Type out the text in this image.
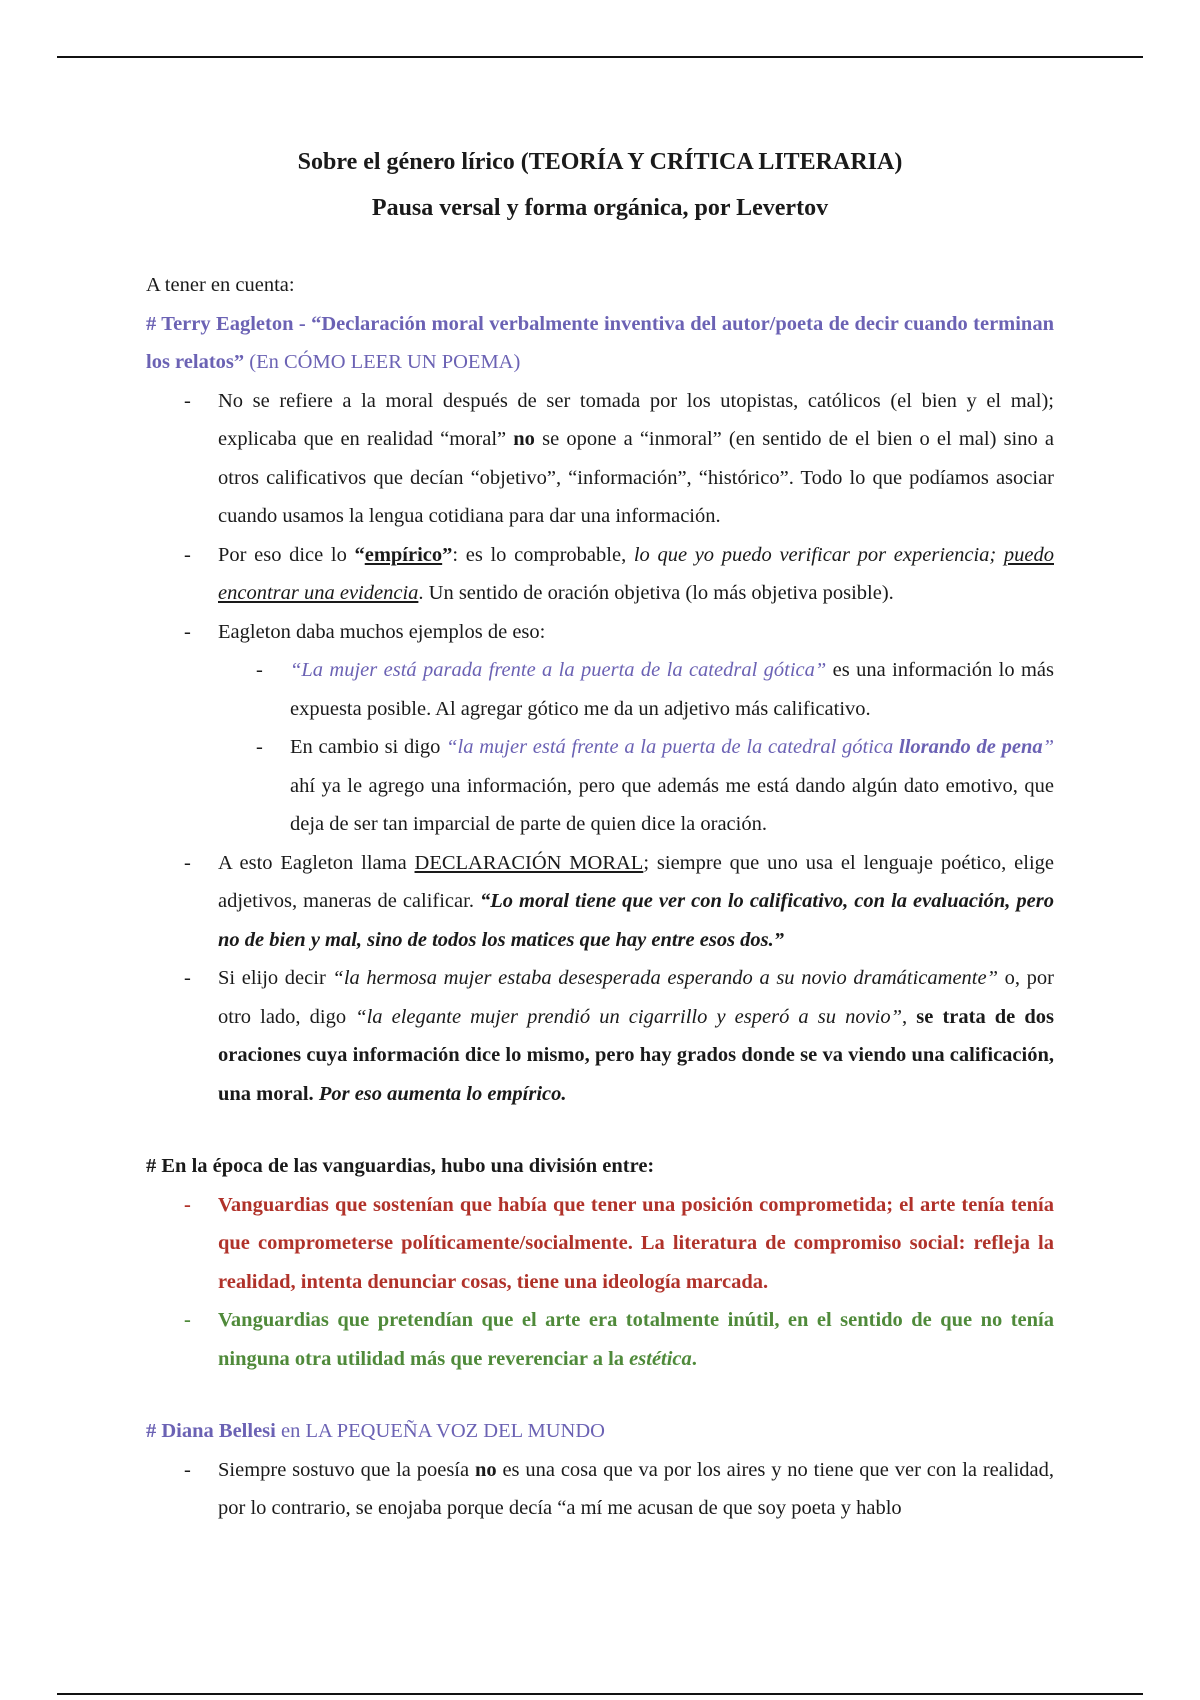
Sobre el género lírico (TEORÍA Y CRÍTICA LITERARIA)
Pausa versal y forma orgánica, por Levertov

A tener en cuenta:

# Terry Eagleton - “Declaración moral verbalmente inventiva del autor/poeta de decir cuando terminan los relatos” (En CÓMO LEER UN POEMA)

- No se refiere a la moral después de ser tomada por los utopistas, católicos (el bien y el mal); explicaba que en realidad “moral” no se opone a “inmoral” (en sentido de el bien o el mal) sino a otros calificativos que decían “objetivo”, “información”, “histórico”. Todo lo que podíamos asociar cuando usamos la lengua cotidiana para dar una información.
- Por eso dice lo “empírico”: es lo comprobable, lo que yo puedo verificar por experiencia; puedo encontrar una evidencia. Un sentido de oración objetiva (lo más objetiva posible).
- Eagleton daba muchos ejemplos de eso:
- “La mujer está parada frente a la puerta de la catedral gótica” es una información lo más expuesta posible. Al agregar gótico me da un adjetivo más calificativo.
- En cambio si digo “la mujer está frente a la puerta de la catedral gótica llorando de pena” ahí ya le agrego una información, pero que además me está dando algún dato emotivo, que deja de ser tan imparcial de parte de quien dice la oración.
- A esto Eagleton llama DECLARACIÓN MORAL; siempre que uno usa el lenguaje poético, elige adjetivos, maneras de calificar. “Lo moral tiene que ver con lo calificativo, con la evaluación, pero no de bien y mal, sino de todos los matices que hay entre esos dos.”
- Si elijo decir “la hermosa mujer estaba desesperada esperando a su novio dramáticamente” o, por otro lado, digo “la elegante mujer prendió un cigarrillo y esperó a su novio”, se trata de dos oraciones cuya información dice lo mismo, pero hay grados donde se va viendo una calificación, una moral. Por eso aumenta lo empírico.

# En la época de las vanguardias, hubo una división entre:

- Vanguardias que sostenían que había que tener una posición comprometida; el arte tenía tenía que comprometerse políticamente/socialmente. La literatura de compromiso social: refleja la realidad, intenta denunciar cosas, tiene una ideología marcada.
- Vanguardias que pretendían que el arte era totalmente inútil, en el sentido de que no tenía ninguna otra utilidad más que reverenciar a la estética.

# Diana Bellesi en LA PEQUEÑA VOZ DEL MUNDO

- Siempre sostuvo que la poesía no es una cosa que va por los aires y no tiene que ver con la realidad, por lo contrario, se enojaba porque decía “a mí me acusan de que soy poeta y hablo
